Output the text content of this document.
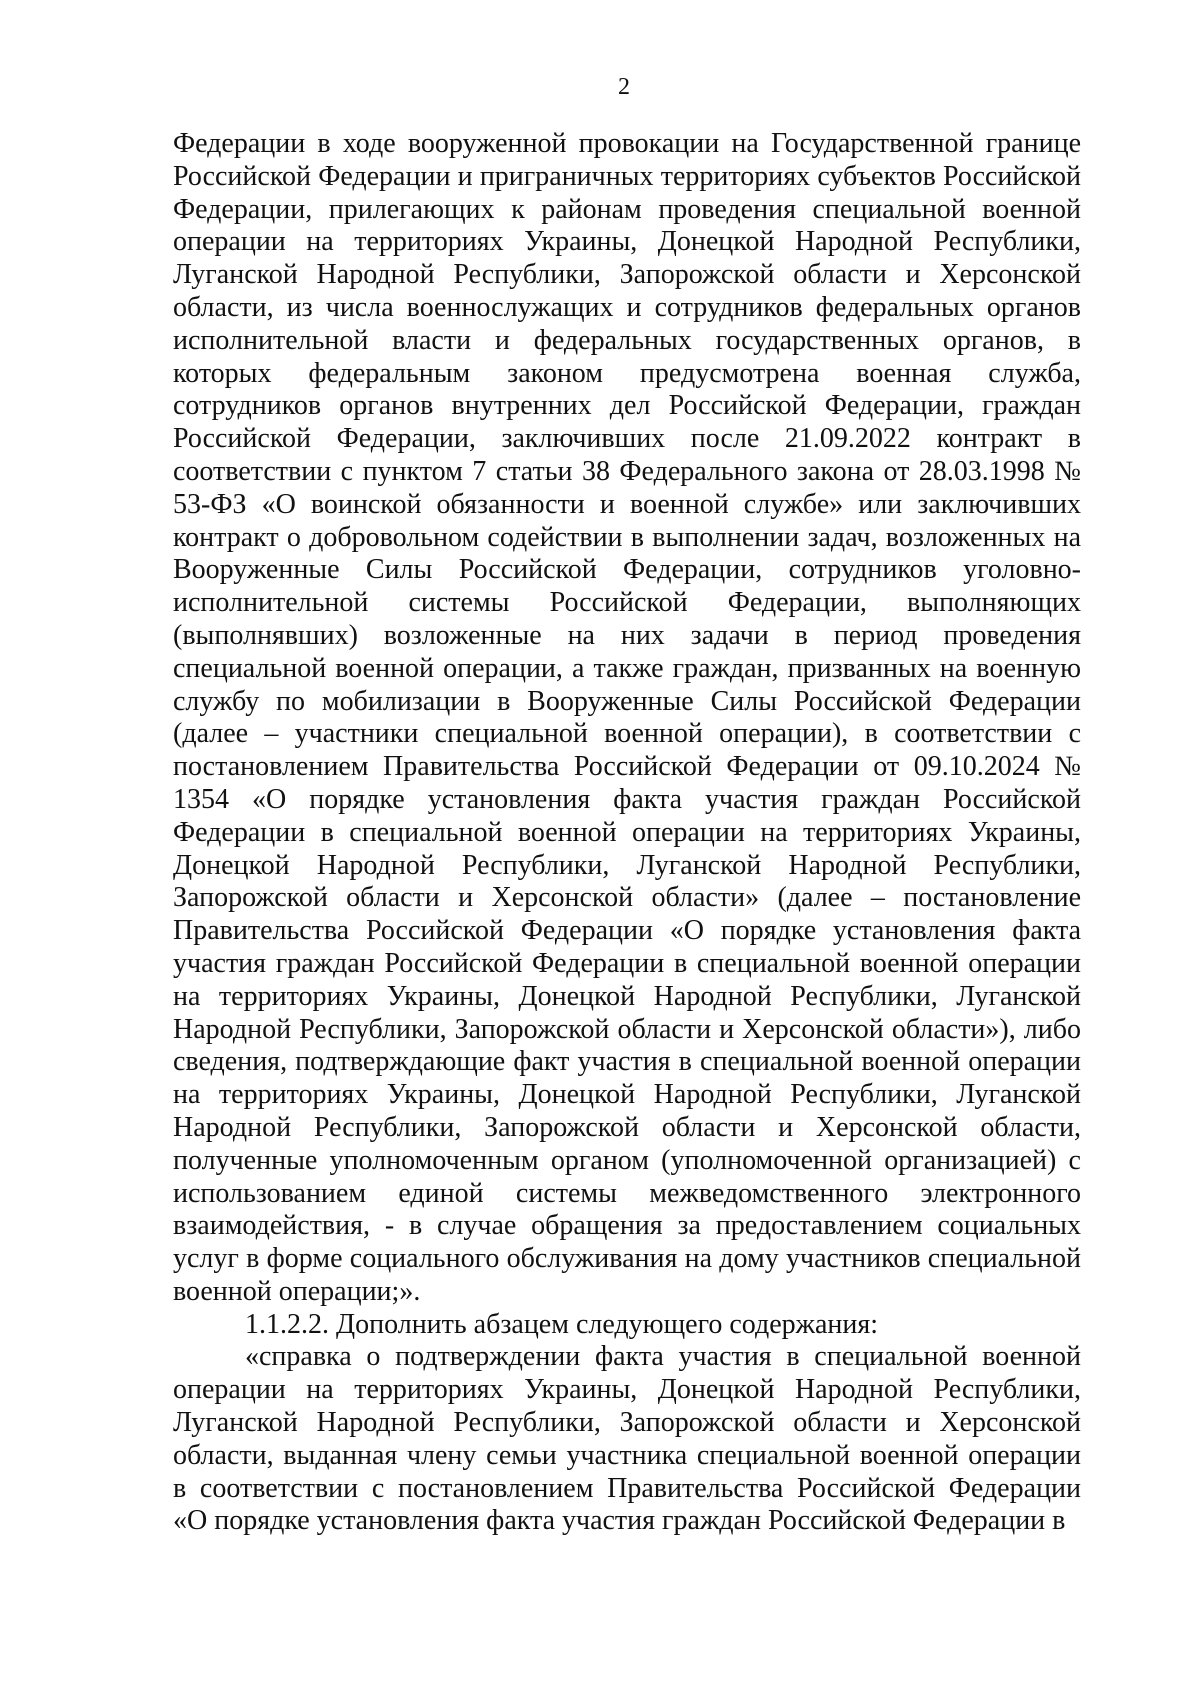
2

Федерации в ходе вооруженной провокации на Государственной границе Российской Федерации и приграничных территориях субъектов Российской Федерации, прилегающих к районам проведения специальной военной операции на территориях Украины, Донецкой Народной Республики, Луганской Народной Республики, Запорожской области и Херсонской области, из числа военнослужащих и сотрудников федеральных органов исполнительной власти и федеральных государственных органов, в которых федеральным законом предусмотрена военная служба, сотрудников органов внутренних дел Российской Федерации, граждан Российской Федерации, заключивших после 21.09.2022 контракт в соответствии с пунктом 7 статьи 38 Федерального закона от 28.03.1998 № 53-ФЗ «О воинской обязанности и военной службе» или заключивших контракт о добровольном содействии в выполнении задач, возложенных на Вооруженные Силы Российской Федерации, сотрудников уголовно-исполнительной системы Российской Федерации, выполняющих (выполнявших) возложенные на них задачи в период проведения специальной военной операции, а также граждан, призванных на военную службу по мобилизации в Вооруженные Силы Российской Федерации (далее – участники специальной военной операции), в соответствии с постановлением Правительства Российской Федерации от 09.10.2024 № 1354 «О порядке установления факта участия граждан Российской Федерации в специальной военной операции на территориях Украины, Донецкой Народной Республики, Луганской Народной Республики, Запорожской области и Херсонской области» (далее – постановление Правительства Российской Федерации «О порядке установления факта участия граждан Российской Федерации в специальной военной операции на территориях Украины, Донецкой Народной Республики, Луганской Народной Республики, Запорожской области и Херсонской области»), либо сведения, подтверждающие факт участия в специальной военной операции на территориях Украины, Донецкой Народной Республики, Луганской Народной Республики, Запорожской области и Херсонской области, полученные уполномоченным органом (уполномоченной организацией) с использованием единой системы межведомственного электронного взаимодействия, - в случае обращения за предоставлением социальных услуг в форме социального обслуживания на дому участников специальной военной операции;».

1.1.2.2. Дополнить абзацем следующего содержания:

«справка о подтверждении факта участия в специальной военной операции на территориях Украины, Донецкой Народной Республики, Луганской Народной Республики, Запорожской области и Херсонской области, выданная члену семьи участника специальной военной операции в соответствии с постановлением Правительства Российской Федерации «О порядке установления факта участия граждан Российской Федерации в
